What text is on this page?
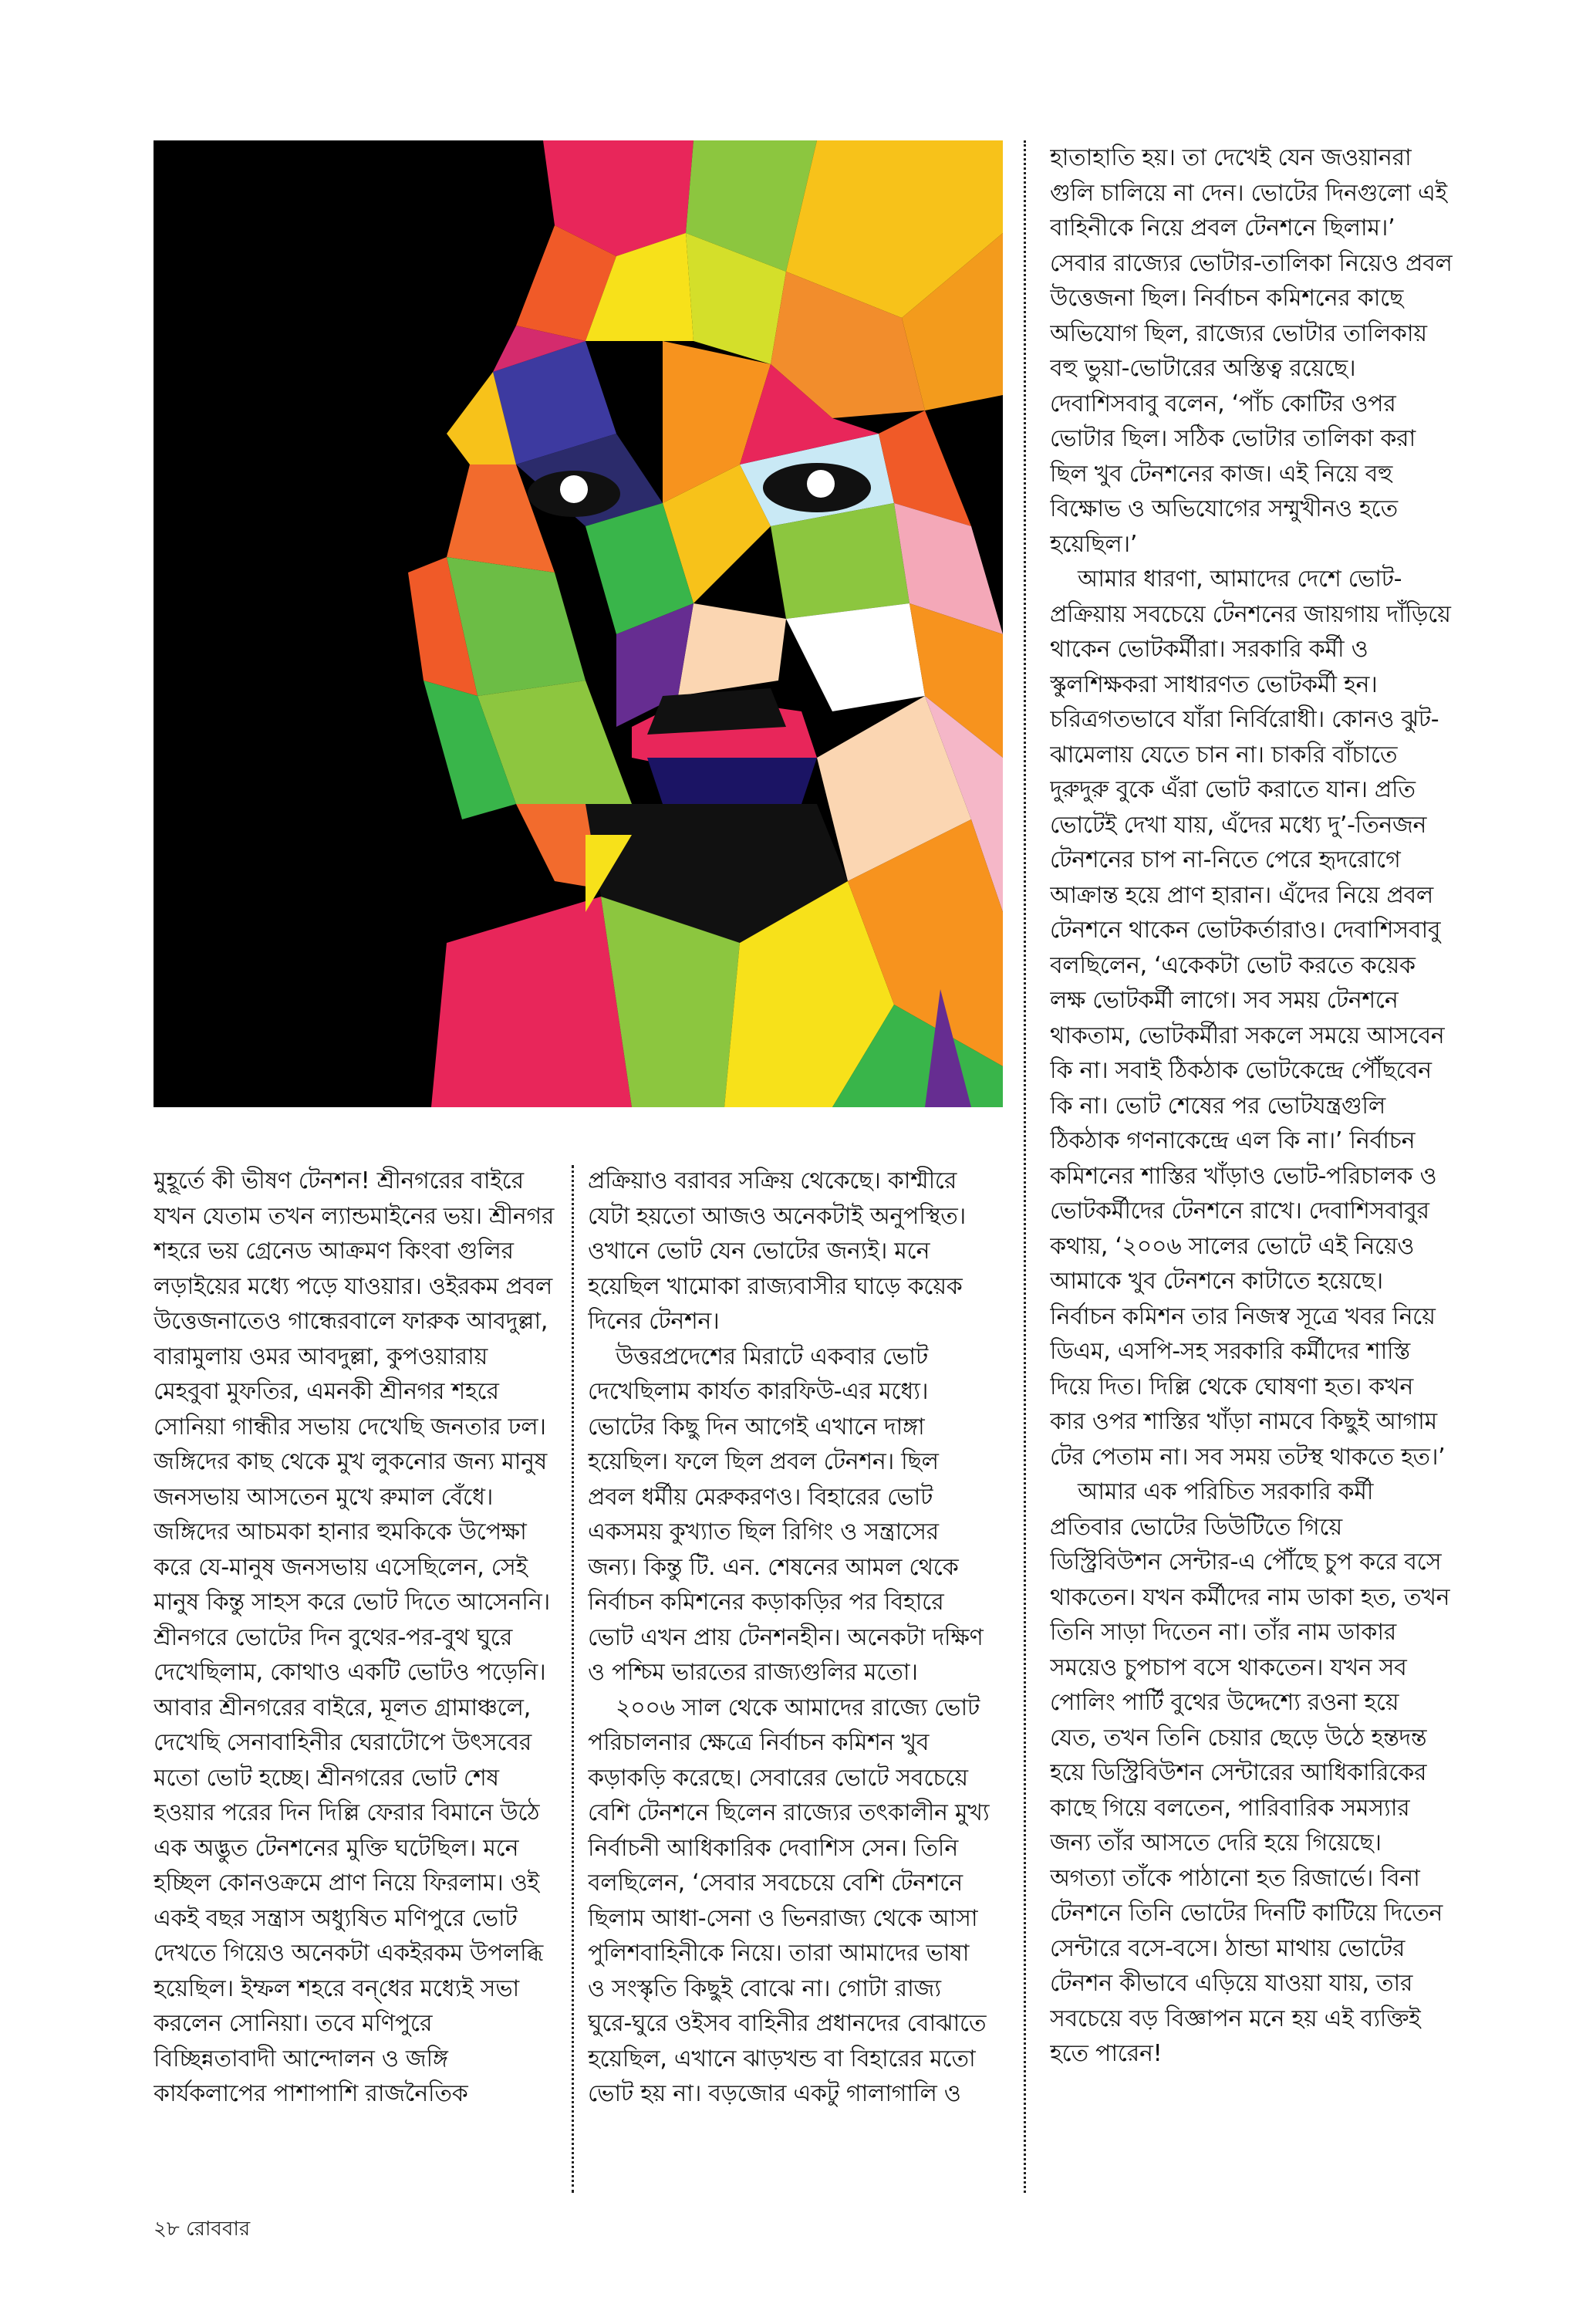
মুহূর্তে কী ভীষণ টেনশন! শ্রীনগরের বাইরে যখন যেতাম তখন ল্যান্ডমাইনের ভয়। শ্রীনগর শহরে ভয় গ্রেনেড আক্রমণ কিংবা গুলির লড়াইয়ের মধ্যে পড়ে যাওয়ার। ওইরকম প্রবল উত্তেজনাতেও গান্ধেরবালে ফারুক আবদুল্লা, বারামুলায় ওমর আবদুল্লা, কুপওয়ারায় মেহবুবা মুফতির, এমনকী শ্রীনগর শহরে সোনিয়া গান্ধীর সভায় দেখেছি জনতার ঢল। জঙ্গিদের কাছ থেকে মুখ লুকনোর জন্য মানুষ জনসভায় আসতেন মুখে রুমাল বেঁধে। জঙ্গিদের আচমকা হানার হুমকিকে উপেক্ষা করে যে-মানুষ জনসভায় এসেছিলেন, সেই মানুষ কিন্তু সাহস করে ভোট দিতে আসেননি। শ্রীনগরে ভোটের দিন বুথের-পর-বুথ ঘুরে দেখেছিলাম, কোথাও একটি ভোটও পড়েনি। আবার শ্রীনগরের বাইরে, মূলত গ্রামাঞ্চলে, দেখেছি সেনাবাহিনীর ঘেরাটোপে উৎসবের মতো ভোট হচ্ছে। শ্রীনগরের ভোট শেষ হওয়ার পরের দিন দিল্লি ফেরার বিমানে উঠে এক অদ্ভুত টেনশনের মুক্তি ঘটেছিল। মনে হচ্ছিল কোনওক্রমে প্রাণ নিয়ে ফিরলাম। ওই একই বছর সন্ত্রাস অধ্যুষিত মণিপুরে ভোট দেখতে গিয়েও অনেকটা একইরকম উপলব্ধি হয়েছিল। ইম্ফল শহরে বন্‌ধের মধ্যেই সভা করলেন সোনিয়া। তবে মণিপুরে বিচ্ছিন্নতাবাদী আন্দোলন ও জঙ্গি কার্যকলাপের পাশাপাশি রাজনৈতিক

প্রক্রিয়াও বরাবর সক্রিয় থেকেছে। কাশ্মীরে যেটা হয়তো আজও অনেকটাই অনুপস্থিত। ওখানে ভোট যেন ভোটের জন্যই। মনে হয়েছিল খামোকা রাজ্যবাসীর ঘাড়ে কয়েক দিনের টেনশন।

উত্তরপ্রদেশের মিরাটে একবার ভোট দেখেছিলাম কার্যত কারফিউ-এর মধ্যে। ভোটের কিছু দিন আগেই এখানে দাঙ্গা হয়েছিল। ফলে ছিল প্রবল টেনশন। ছিল প্রবল ধর্মীয় মেরুকরণও। বিহারের ভোট একসময় কুখ্যাত ছিল রিগিং ও সন্ত্রাসের জন্য। কিন্তু টি. এন. শেষনের আমল থেকে নির্বাচন কমিশনের কড়াকড়ির পর বিহারে ভোট এখন প্রায় টেনশনহীন। অনেকটা দক্ষিণ ও পশ্চিম ভারতের রাজ্যগুলির মতো।

২০০৬ সাল থেকে আমাদের রাজ্যে ভোট পরিচালনার ক্ষেত্রে নির্বাচন কমিশন খুব কড়াকড়ি করেছে। সেবারের ভোটে সবচেয়ে বেশি টেনশনে ছিলেন রাজ্যের তৎকালীন মুখ্য নির্বাচনী আধিকারিক দেবাশিস সেন। তিনি বলছিলেন, ‘সেবার সবচেয়ে বেশি টেনশনে ছিলাম আধা-সেনা ও ভিনরাজ্য থেকে আসা পুলিশবাহিনীকে নিয়ে। তারা আমাদের ভাষা ও সংস্কৃতি কিছুই বোঝে না। গোটা রাজ্য ঘুরে-ঘুরে ওইসব বাহিনীর প্রধানদের বোঝাতে হয়েছিল, এখানে ঝাড়খন্ড বা বিহারের মতো ভোট হয় না। বড়জোর একটু গালাগালি ও

হাতাহাতি হয়। তা দেখেই যেন জওয়ানরা গুলি চালিয়ে না দেন। ভোটের দিনগুলো এই বাহিনীকে নিয়ে প্রবল টেনশনে ছিলাম।’ সেবার রাজ্যের ভোটার-তালিকা নিয়েও প্রবল উত্তেজনা ছিল। নির্বাচন কমিশনের কাছে অভিযোগ ছিল, রাজ্যের ভোটার তালিকায় বহু ভুয়া-ভোটারের অস্তিত্ব রয়েছে। দেবাশিসবাবু বলেন, ‘পাঁচ কোটির ওপর ভোটার ছিল। সঠিক ভোটার তালিকা করা ছিল খুব টেনশনের কাজ। এই নিয়ে বহু বিক্ষোভ ও অভিযোগের সম্মুখীনও হতে হয়েছিল।’

আমার ধারণা, আমাদের দেশে ভোট-প্রক্রিয়ায় সবচেয়ে টেনশনের জায়গায় দাঁড়িয়ে থাকেন ভোটকর্মীরা। সরকারি কর্মী ও স্কুলশিক্ষকরা সাধারণত ভোটকর্মী হন। চরিত্রগতভাবে যাঁরা নির্বিরোধী। কোনও ঝুট-ঝামেলায় যেতে চান না। চাকরি বাঁচাতে দুরুদুরু বুকে এঁরা ভোট করাতে যান। প্রতি ভোটেই দেখা যায়, এঁদের মধ্যে দু’-তিনজন টেনশনের চাপ না-নিতে পেরে হৃদরোগে আক্রান্ত হয়ে প্রাণ হারান। এঁদের নিয়ে প্রবল টেনশনে থাকেন ভোটকর্তারাও। দেবাশিসবাবু বলছিলেন, ‘একেকটা ভোট করতে কয়েক লক্ষ ভোটকর্মী লাগে। সব সময় টেনশনে থাকতাম, ভোটকর্মীরা সকলে সময়ে আসবেন কি না। সবাই ঠিকঠাক ভোটকেন্দ্রে পৌঁছবেন কি না। ভোট শেষের পর ভোটযন্ত্রগুলি ঠিকঠাক গণনাকেন্দ্রে এল কি না।’ নির্বাচন কমিশনের শাস্তির খাঁড়াও ভোট-পরিচালক ও ভোটকর্মীদের টেনশনে রাখে। দেবাশিসবাবুর কথায়, ‘২০০৬ সালের ভোটে এই নিয়েও আমাকে খুব টেনশনে কাটাতে হয়েছে। নির্বাচন কমিশন তার নিজস্ব সূত্রে খবর নিয়ে ডিএম, এসপি-সহ সরকারি কর্মীদের শাস্তি দিয়ে দিত। দিল্লি থেকে ঘোষণা হত। কখন কার ওপর শাস্তির খাঁড়া নামবে কিছুই আগাম টের পেতাম না। সব সময় তটস্থ থাকতে হত।’

আমার এক পরিচিত সরকারি কর্মী প্রতিবার ভোটের ডিউটিতে গিয়ে ডিস্ট্রিবিউশন সেন্টার-এ পৌঁছে চুপ করে বসে থাকতেন। যখন কর্মীদের নাম ডাকা হত, তখন তিনি সাড়া দিতেন না। তাঁর নাম ডাকার সময়েও চুপচাপ বসে থাকতেন। যখন সব পোলিং পার্টি বুথের উদ্দেশ্যে রওনা হয়ে যেত, তখন তিনি চেয়ার ছেড়ে উঠে হন্তদন্ত হয়ে ডিস্ট্রিবিউশন সেন্টারের আধিকারিকের কাছে গিয়ে বলতেন, পারিবারিক সমস্যার জন্য তাঁর আসতে দেরি হয়ে গিয়েছে। অগত্যা তাঁকে পাঠানো হত রিজার্ভে। বিনা টেনশনে তিনি ভোটের দিনটি কাটিয়ে দিতেন সেন্টারে বসে-বসে। ঠান্ডা মাথায় ভোটের টেনশন কীভাবে এড়িয়ে যাওয়া যায়, তার সবচেয়ে বড় বিজ্ঞাপন মনে হয় এই ব্যক্তিই হতে পারেন!

২৮ রোববার
